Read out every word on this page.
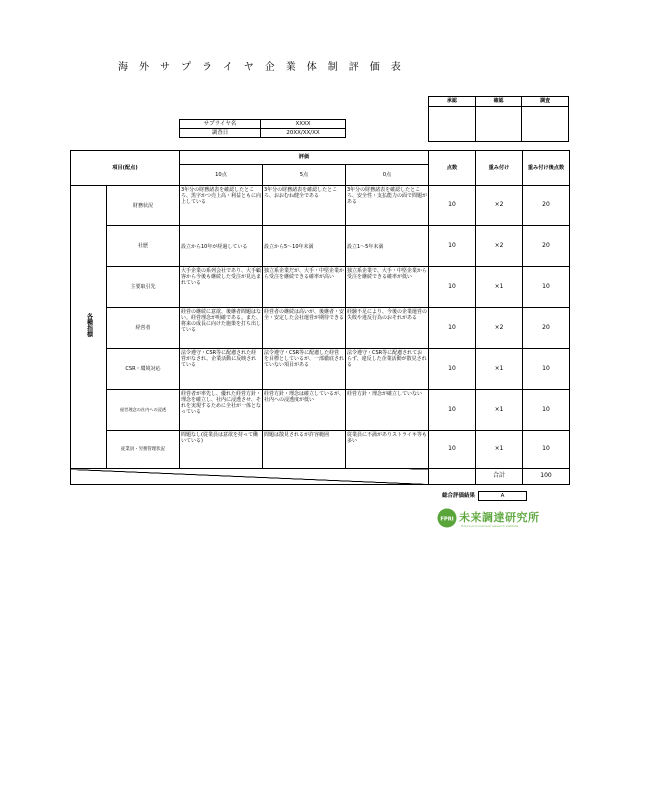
海外サプライヤ企業体制評価表
承認	確認	調査

サプライヤ名	XXXX
調査日	20XX/XX/XX
項目(配点)		評価			点数	重み付け	重み付け後点数
		10点	5点	0点			
各種指標	財務状況	3年分の財務諸表を確認したところ、黒字かつ売上高・利益ともに向上している	3年分の財務諸表を確認したところ、おおむね健全である	3年分の財務諸表を確認したところ、安全性・支払能力の面で問題がある	10	×2	20
	社歴	設立から10年が経過している	設立から5～10年未満	設立1～5年未満	10	×2	20
	主要取引先	大手企業の系列会社であり、大手顧客から今後も継続した受注が見込まれている	独立系企業だが、大手・中堅企業から受注を継続できる確率が高い	独立系企業で、大手・中堅企業から受注を継続できる確率が低い	10	×1	10
	経営者	経営の継続に意欲、後継者問題はない。経営理念が明確である。また、将来の成長に向けた施策を打ち出している	経営者の継続は高いが、後継者・安全・安定した会社運営が期待できる	経験不足により、今後の企業運営の失敗や違反行為のおそれがある	10	×2	20
	CSR・環境対応	法令遵守・CSR等に配慮された経営がなされ、企業活動に反映されている	法令遵守・CSR等に配慮した経営を目標としているが、一部徹底されていない項目がある	法令遵守・CSR等に配慮されておらず、違反した企業活動が散見される	10	×1	10
	経営理念の社内への浸透	経営者が率先し、優れた経営方針・理念を確立し、社内に浸透させ、それを実現するために全社が一体となっている	経営方針・理念は確立しているが、社内への浸透度が低い	経営方針・理念が確立していない	10	×1	10
	従業員・労務管理状況	問題なし(従業員は意欲を持って働いている)	問題は散見されるが許容範囲	従業員に不満がありストライキ等も多い	10	×1	10
						合計	100
総合評価結果	A
FPRI 未来調達研究所
Future procurement research Institute
